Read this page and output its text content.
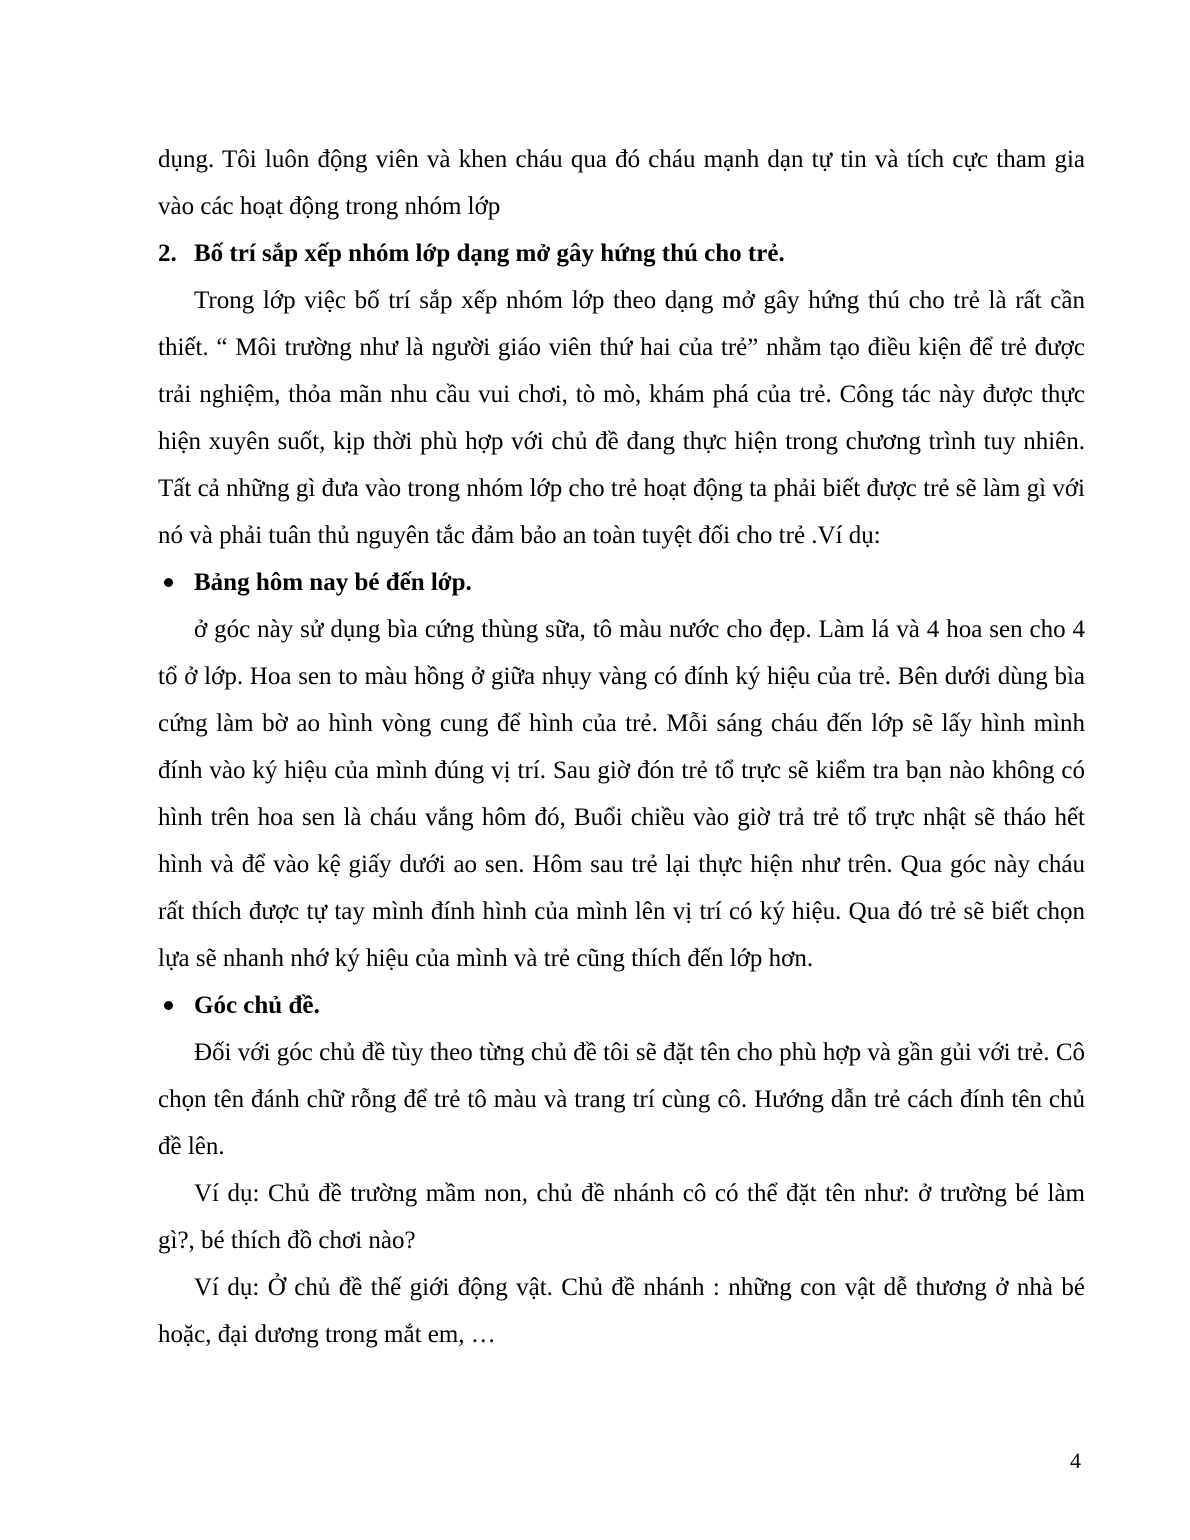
dụng. Tôi luôn động viên và khen cháu qua đó cháu mạnh dạn tự tin và tích cực tham gia vào các hoạt động trong nhóm lớp

2. Bố trí sắp xếp nhóm lớp dạng mở gây hứng thú cho trẻ.

Trong lớp việc bố trí sắp xếp nhóm lớp theo dạng mở gây hứng thú cho trẻ là rất cần thiết. “ Môi trường như là người giáo viên thứ hai của trẻ” nhằm tạo điều kiện để trẻ được trải nghiệm, thỏa mãn nhu cầu vui chơi, tò mò, khám phá của trẻ. Công tác này được thực hiện xuyên suốt, kịp thời phù hợp với chủ đề đang thực hiện trong chương trình tuy nhiên. Tất cả những gì đưa vào trong nhóm lớp cho trẻ hoạt động ta phải biết được trẻ sẽ làm gì với nó và phải tuân thủ nguyên tắc đảm bảo an toàn tuyệt đối cho trẻ .Ví dụ:

Bảng hôm nay bé đến lớp.

ở góc này sử dụng bìa cứng thùng sữa, tô màu nước cho đẹp. Làm lá và 4 hoa sen cho 4 tổ ở lớp. Hoa sen to màu hồng ở giữa nhụy vàng có đính ký hiệu của trẻ. Bên dưới dùng bìa cứng làm bờ ao hình vòng cung để hình của trẻ. Mỗi sáng cháu đến lớp sẽ lấy hình mình đính vào ký hiệu của mình đúng vị trí. Sau giờ đón trẻ tổ trực sẽ kiểm tra bạn nào không có hình trên hoa sen là cháu vắng hôm đó, Buổi chiều vào giờ trả trẻ tổ trực nhật sẽ tháo hết hình và để vào kệ giấy dưới ao sen. Hôm sau trẻ lại thực hiện như trên. Qua góc này cháu rất thích được tự tay mình đính hình của mình lên vị trí có ký hiệu. Qua đó trẻ sẽ biết chọn lựa sẽ nhanh nhớ ký hiệu của mình và trẻ cũng thích đến lớp hơn.

Góc chủ đề.

Đối với góc chủ đề tùy theo từng chủ đề tôi sẽ đặt tên cho phù hợp và gần gủi với trẻ. Cô chọn tên đánh chữ rỗng để trẻ tô màu và trang trí cùng cô. Hướng dẫn trẻ cách đính tên chủ đề lên.

Ví dụ: Chủ đề trường mầm non, chủ đề nhánh cô có thể đặt tên như: ở trường bé làm gì?, bé thích đồ chơi nào?

Ví dụ: Ở chủ đề thế giới động vật. Chủ đề nhánh : những con vật dễ thương ở nhà bé hoặc, đại dương trong mắt em, …

4
